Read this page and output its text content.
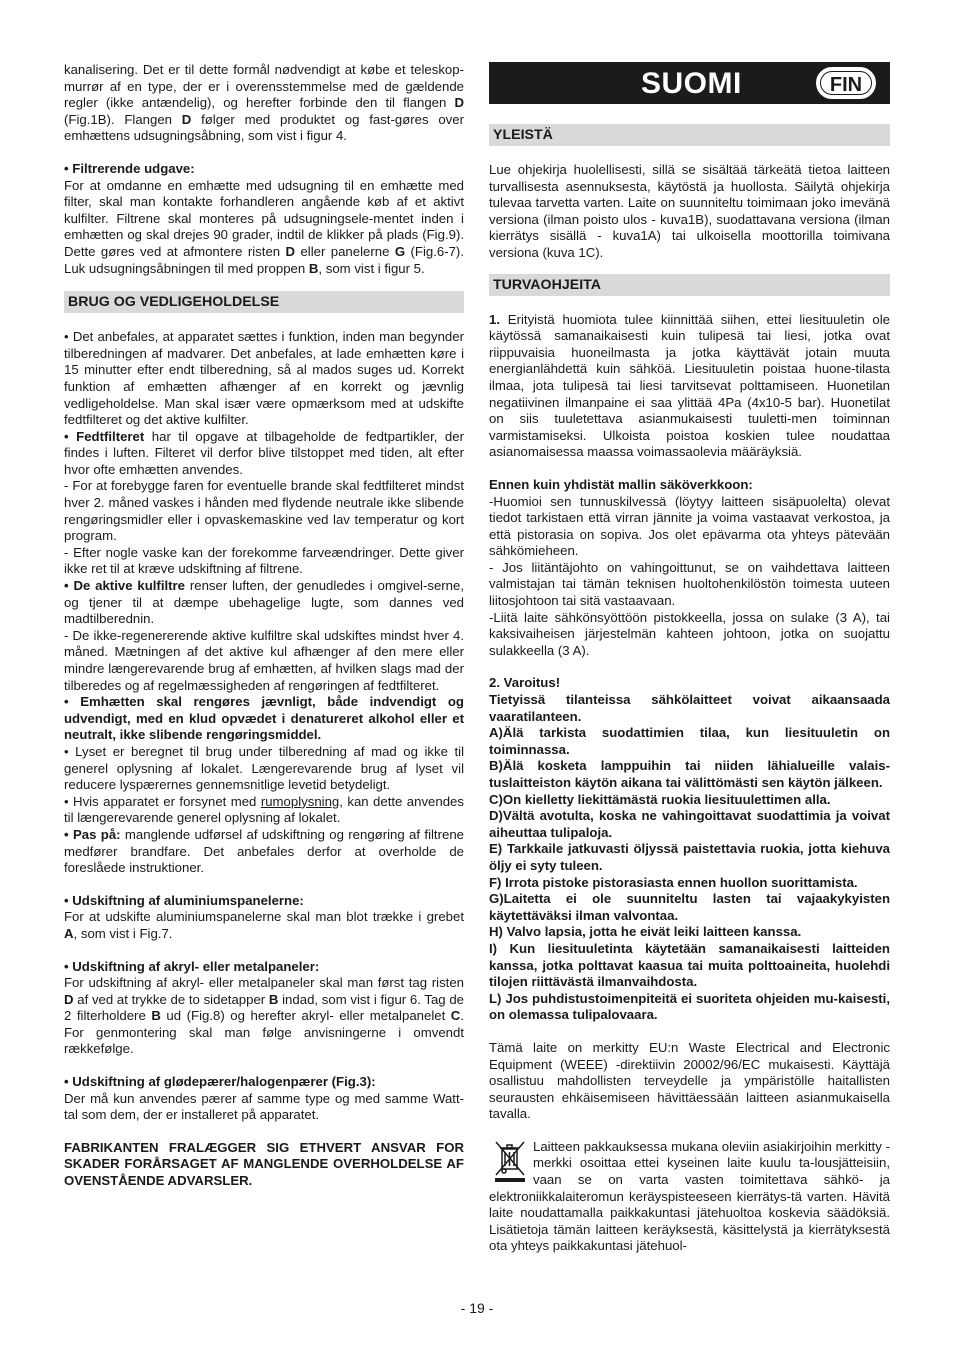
kanalisering. Det er til dette formål nødvendigt at købe et teleskop-murrør af en type, der er i overensstemmelse med de gældende regler (ikke antændelig), og herefter forbinde den til flangen D (Fig.1B). Flangen D følger med produktet og fast-gøres over emhættens udsugningsåbning, som vist i figur 4.

• Filtrerende udgave:

For at omdanne en emhætte med udsugning til en emhætte med filter, skal man kontakte forhandleren angående køb af et aktivt kulfilter. Filtrene skal monteres på udsugningsele-mentet inden i emhætten og skal drejes 90 grader, indtil de klikker på plads (Fig.9). Dette gøres ved at afmontere risten D eller panelerne G (Fig.6-7). Luk udsugningsåbningen til med proppen B, som vist i figur 5.

BRUG OG VEDLIGEHOLDELSE

• Det anbefales, at apparatet sættes i funktion, inden man begynder tilberedningen af madvarer. Det anbefales, at lade emhætten køre i 15 minutter efter endt tilberedning, så al mados suges ud. Korrekt funktion af emhætten afhænger af en korrekt og jævnlig vedligeholdelse. Man skal især være opmærksom med at udskifte fedtfilteret og det aktive kulfilter.

• Fedtfilteret har til opgave at tilbageholde de fedtpartikler, der findes i luften. Filteret vil derfor blive tilstoppet med tiden, alt efter hvor ofte emhætten anvendes.

- For at forebygge faren for eventuelle brande skal fedtfilteret mindst hver 2. måned vaskes i hånden med flydende neutrale ikke slibende rengøringsmidler eller i opvaskemaskine ved lav temperatur og kort program.

- Efter nogle vaske kan der forekomme farveændringer. Dette giver ikke ret til at kræve udskiftning af filtrene.

• De aktive kulfiltre renser luften, der genudledes i omgivel-serne, og tjener til at dæmpe ubehagelige lugte, som dannes ved madtilberednin.

- De ikke-regenererende aktive kulfiltre skal udskiftes mindst hver 4. måned. Mætningen af det aktive kul afhænger af den mere eller mindre længerevarende brug af emhætten, af hvilken slags mad der tilberedes og af regelmæssigheden af rengøringen af fedtfilteret.

• Emhætten skal rengøres jævnligt, både indvendigt og udvendigt, med en klud opvædet i denatureret alkohol eller et neutralt, ikke slibende rengøringsmiddel.

• Lyset er beregnet til brug under tilberedning af mad og ikke til generel oplysning af lokalet. Længerevarende brug af lyset vil reducere lyspærernes gennemsnitlige levetid betydeligt.

• Hvis apparatet er forsynet med rumoplysning, kan dette anvendes til længerevarende generel oplysning af lokalet.

• Pas på: manglende udførsel af udskiftning og rengøring af filtrene medfører brandfare. Det anbefales derfor at overholde de foreslåede instruktioner.

• Udskiftning af aluminiumspanelerne:

For at udskifte aluminiumspanelerne skal man blot trække i grebet A, som vist i Fig.7.

• Udskiftning af akryl- eller metalpaneler:

For udskiftning af akryl- eller metalpaneler skal man først tag risten D af ved at trykke de to sidetapper B indad, som vist i figur 6. Tag de 2 filterholdere B ud (Fig.8) og herefter akryl- eller metalpanelet C. For genmontering skal man følge anvisningerne i omvendt rækkefølge.

• Udskiftning af glødepærer/halogenpærer (Fig.3):

Der må kun anvendes pærer af samme type og med samme Watt-tal som dem, der er installeret på apparatet.

FABRIKANTEN FRALÆGGER SIG ETHVERT ANSVAR FOR SKADER FORÅRSAGET AF MANGLENDE OVERHOLDELSE AF OVENSTÅENDE ADVARSLER.

SUOMI	FIN
YLEISTÄ

Lue ohjekirja huolellisesti, sillä se sisältää tärkeätä tietoa laitteen turvallisesta asennuksesta, käytöstä ja huollosta. Säilytä ohjekirja tulevaa tarvetta varten. Laite on suunniteltu toimimaan joko imevänä versiona (ilman poisto ulos - kuva1B), suodattavana versiona (ilman kierrätys sisällä - kuva1A) tai ulkoisella moottorilla toimivana versiona (kuva 1C).

TURVAOHJEITA

1. Erityistä huomiota tulee kiinnittää siihen, ettei liesituuletin ole käytössä samanaikaisesti kuin tulipesä tai liesi, jotka ovat riippuvaisia huoneilmasta ja jotka käyttävät jotain muuta energianlähdettä kuin sähköä. Liesituuletin poistaa huone-tilasta ilmaa, jota tulipesä tai liesi tarvitsevat polttamiseen. Huonetilan negatiivinen ilmanpaine ei saa ylittää 4Pa (4x10-5 bar). Huonetilat on siis tuuletettava asianmukaisesti tuuletti-men toiminnan varmistamiseksi. Ulkoista poistoa koskien tulee noudattaa asianomaisessa maassa voimassaolevia määräyksiä.

Ennen kuin yhdistät mallin säköverkkoon:

-Huomioi sen tunnuskilvessä (löytyy laitteen sisäpuolelta) olevat tiedot tarkistaen että virran jännite ja voima vastaavat verkostoa, ja että pistorasia on sopiva. Jos olet epävarma ota yhteys pätevään sähkömieheen.

- Jos liitäntäjohto on vahingoittunut, se on vaihdettava laitteen valmistajan tai tämän teknisen huoltohenkilöstön toimesta uuteen liitosjohtoon tai sitä vastaavaan.

-Liitä laite sähkönsyöttöön pistokkeella, jossa on sulake (3 A), tai kaksivaiheisen järjestelmän kahteen johtoon, jotka on suojattu sulakkeella (3 A).

2. Varoitus!

Tietyissä tilanteissa sähkölaitteet voivat aikaansaada vaaratilanteen.

A)Älä tarkista suodattimien tilaa, kun liesituuletin on toiminnassa.

B)Älä kosketa lamppuihin tai niiden lähialueille valais-tuslaitteiston käytön aikana tai välittömästi sen käytön jälkeen.

C)On kielletty liekittämästä ruokia liesituulettimen alla.

D)Vältä avotulta, koska ne vahingoittavat suodattimia ja voivat aiheuttaa tulipaloja.

E) Tarkkaile jatkuvasti öljyssä paistettavia ruokia, jotta kiehuva öljy ei syty tuleen.

F) Irrota pistoke pistorasiasta ennen huollon suorittamista.

G)Laitetta ei ole suunniteltu lasten tai vajaakykyisten käytettäväksi ilman valvontaa.

H) Valvo lapsia, jotta he eivät leiki laitteen kanssa.

I) Kun liesituuletinta käytetään samanaikaisesti laitteiden kanssa, jotka polttavat kaasua tai muita polttoaineita, huolehdi tilojen riittävästä ilmanvaihdosta.

L) Jos puhdistustoimenpiteitä ei suoriteta ohjeiden mu-kaisesti, on olemassa tulipalovaara.

Tämä laite on merkitty EU:n Waste Electrical and Electronic Equipment (WEEE) -direktiivin 20002/96/EC mukaisesti. Käyttäjä osallistuu mahdollisten terveydelle ja ympäristölle haitallisten seurausten ehkäisemiseen hävittäessään laitteen asianmukaisella tavalla.

Laitteen pakkauksessa mukana oleviin asiakirjoihin merkitty -merkki osoittaa ettei kyseinen laite kuulu ta-lousjätteisiin, vaan se on varta vasten toimitettava sähkö- ja elektroniikkalaiteromun keräyspisteeseen kierrätys-tä varten. Hävitä laite noudattamalla paikkakuntasi jätehuoltoa koskevia säädöksiä. Lisätietoja tämän laitteen keräyksestä, käsittelystä ja kierrätyksestä ota yhteys paikkakuntasi jätehuol-

- 19 -
